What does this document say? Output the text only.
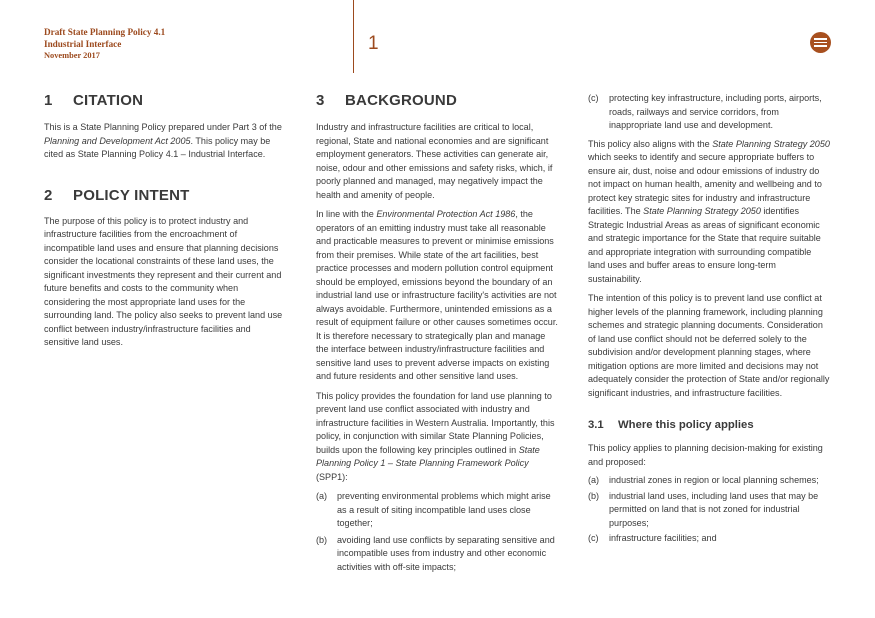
Draft State Planning Policy 4.1
Industrial Interface
November 2017
1
1	CITATION

This is a State Planning Policy prepared under Part 3 of the Planning and Development Act 2005. This policy may be cited as State Planning Policy 4.1 – Industrial Interface.

2	POLICY INTENT

The purpose of this policy is to protect industry and infrastructure facilities from the encroachment of incompatible land uses and ensure that planning decisions consider the locational constraints of these land uses, the significant investments they represent and their current and future benefits and costs to the community when considering the most appropriate land uses for the surrounding land. The policy also seeks to prevent land use conflict between industry/infrastructure facilities and sensitive land uses.

3	BACKGROUND

Industry and infrastructure facilities are critical to local, regional, State and national economies and are significant employment generators. These activities can generate air, noise, odour and other emissions and safety risks, which, if poorly planned and managed, may negatively impact the health and amenity of people.

In line with the Environmental Protection Act 1986, the operators of an emitting industry must take all reasonable and practicable measures to prevent or minimise emissions from their premises. While state of the art facilities, best practice processes and modern pollution control equipment should be employed, emissions beyond the boundary of an industrial land use or infrastructure facility's activities are not always avoidable. Furthermore, unintended emissions as a result of equipment failure or other causes sometimes occur. It is therefore necessary to strategically plan and manage the interface between industry/infrastructure facilities and sensitive land uses to prevent adverse impacts on existing and future residents and other sensitive land uses.

This policy provides the foundation for land use planning to prevent land use conflict associated with industry and infrastructure facilities in Western Australia. Importantly, this policy, in conjunction with similar State Planning Policies, builds upon the following key principles outlined in State Planning Policy 1 – State Planning Framework Policy (SPP1):

(a)	preventing environmental problems which might arise as a result of siting incompatible land uses close together;
(b)	avoiding land use conflicts by separating sensitive and incompatible uses from industry and other economic activities with off-site impacts;
(c)	protecting key infrastructure, including ports, airports, roads, railways and service corridors, from inappropriate land use and development.

This policy also aligns with the State Planning Strategy 2050 which seeks to identify and secure appropriate buffers to ensure air, dust, noise and odour emissions of industry do not impact on human health, amenity and wellbeing and to protect key strategic sites for industry and infrastructure facilities. The State Planning Strategy 2050 identifies Strategic Industrial Areas as areas of significant economic and strategic importance for the State that require suitable and appropriate integration with surrounding compatible land uses and buffer areas to ensure long-term sustainability.

The intention of this policy is to prevent land use conflict at higher levels of the planning framework, including planning schemes and strategic planning documents. Consideration of land use conflict should not be deferred solely to the subdivision and/or development planning stages, where mitigation options are more limited and decisions may not adequately consider the protection of State and/or regionally significant industries, and infrastructure facilities.

3.1	Where this policy applies

This policy applies to planning decision-making for existing and proposed:

(a)	industrial zones in region or local planning schemes;
(b)	industrial land uses, including land uses that may be permitted on land that is not zoned for industrial purposes;
(c)	infrastructure facilities; and
